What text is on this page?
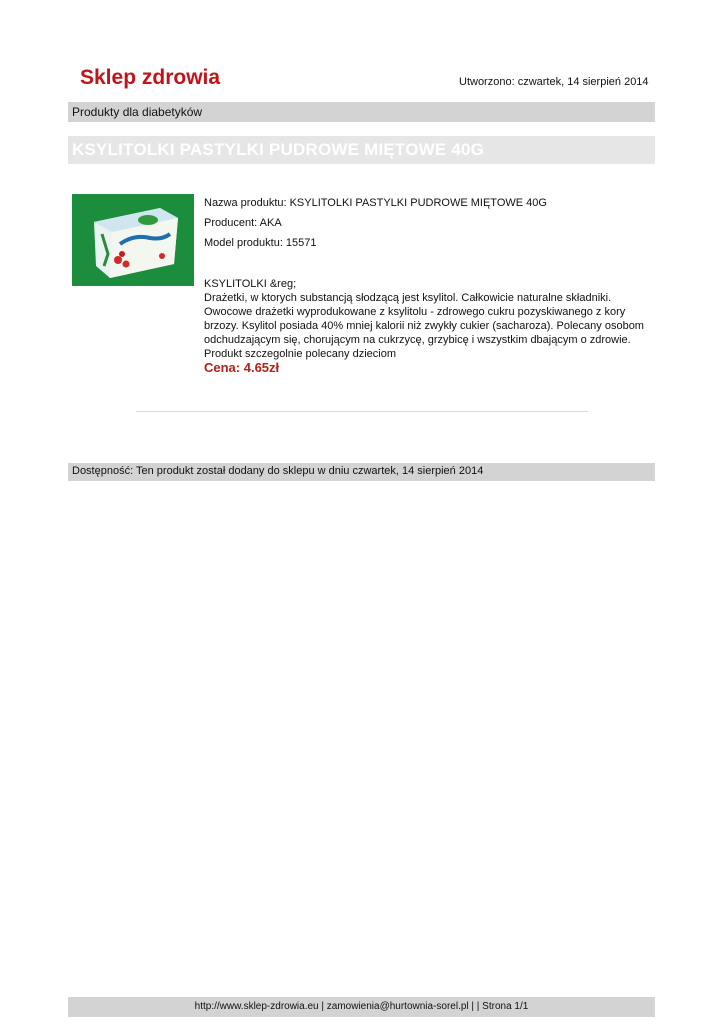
Sklep zdrowia	Utworzono: czwartek, 14 sierpień 2014
Produkty dla diabetyków
KSYLITOLKI PASTYLKI PUDROWE MIĘTOWE 40G
Nazwa produktu: KSYLITOLKI PASTYLKI PUDROWE MIĘTOWE 40G
Producent: AKA
Model produktu: 15571
KSYLITOLKI &reg;
Drażetki, w ktorych substancją słodzącą jest ksylitol. Całkowicie naturalne składniki. Owocowe drażetki wyprodukowane z ksylitolu - zdrowego cukru pozyskiwanego z kory brzozy. Ksylitol posiada 40% mniej kalorii niż zwykły cukier (sacharoza). Polecany osobom odchudzającym się, chorującym na cukrzycę, grzybicę i wszystkim dbającym o zdrowie. Produkt szczegolnie polecany dzieciom
Cena: 4.65zł
Dostępność: Ten produkt został dodany do sklepu w dniu czwartek, 14 sierpień 2014
http://www.sklep-zdrowia.eu | zamowienia@hurtownia-sorel.pl | | Strona 1/1
